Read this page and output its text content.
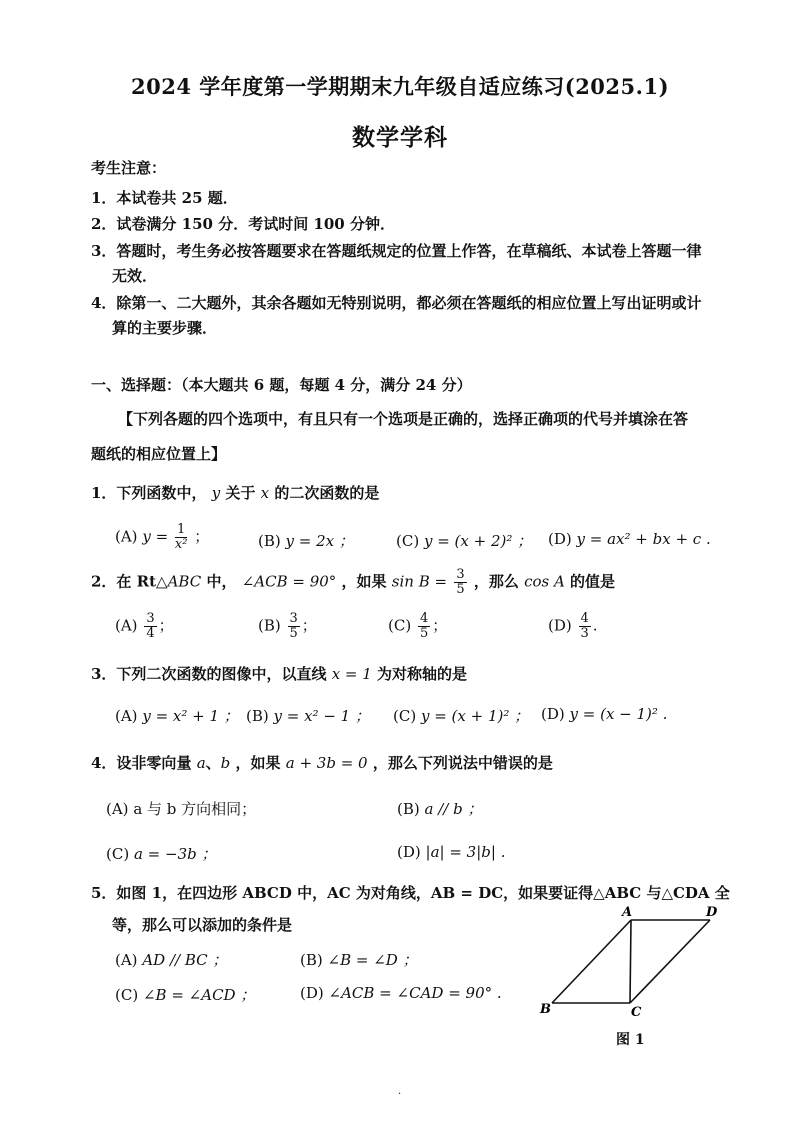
2024 学年度第一学期期末九年级自适应练习(2025.1)
数学学科
考生注意：
1．本试卷共 25 题．
2．试卷满分 150 分．考试时间 100 分钟．
3．答题时，考生务必按答题要求在答题纸规定的位置上作答，在草稿纸、本试卷上答题一律
无效．
4．除第一、二大题外，其余各题如无特别说明，都必须在答题纸的相应位置上写出证明或计
算的主要步骤．
一、选择题：（本大题共 6 题，每题 4 分，满分 24 分）
【下列各题的四个选项中，有且只有一个选项是正确的，选择正确项的代号并填涂在答
题纸的相应位置上】
1．下列函数中， y 关于 x 的二次函数的是
(A) $y = \frac{1}{\text{x²}}$ ；	(B) y = 2x ；	(C) y = (x + 2)² ； (D) y = ax² + bx + c .
2．在 Rt△ABC 中， ∠ACB = 90° ，如果 $\sin B = \frac{3}{5}$ ，那么 cos A 的值是
$(A) \frac{3}{4}$ ；	$(B) \frac{3}{5}$ ；	$(C) \frac{4}{5}$ ；	$(D) \frac{4}{3}$ .
3．下列二次函数的图像中，以直线 x = 1 为对称轴的是
(A) y = x² + 1 ； (B) y = x² − 1 ； (C) y = (x + 1)² ； (D) y = (x − 1)² .
4．设非零向量 a、b ，如果 a + 3b = 0 ，那么下列说法中错误的是
(A) a 与 b 方向相同；	(B) a // b ；
(C) a = −3b ；	(D) |a| = 3|b| .
5．如图 1，在四边形 ABCD 中，AC 为对角线，AB = DC，如果要证得△ABC 与△CDA 全
等，那么可以添加的条件是
(A) AD // BC ；	(B) ∠B = ∠D ；
(C) ∠B = ∠ACD ；	(D) ∠ACB = ∠CAD = 90° .
A	D
B	C
图 1
.
